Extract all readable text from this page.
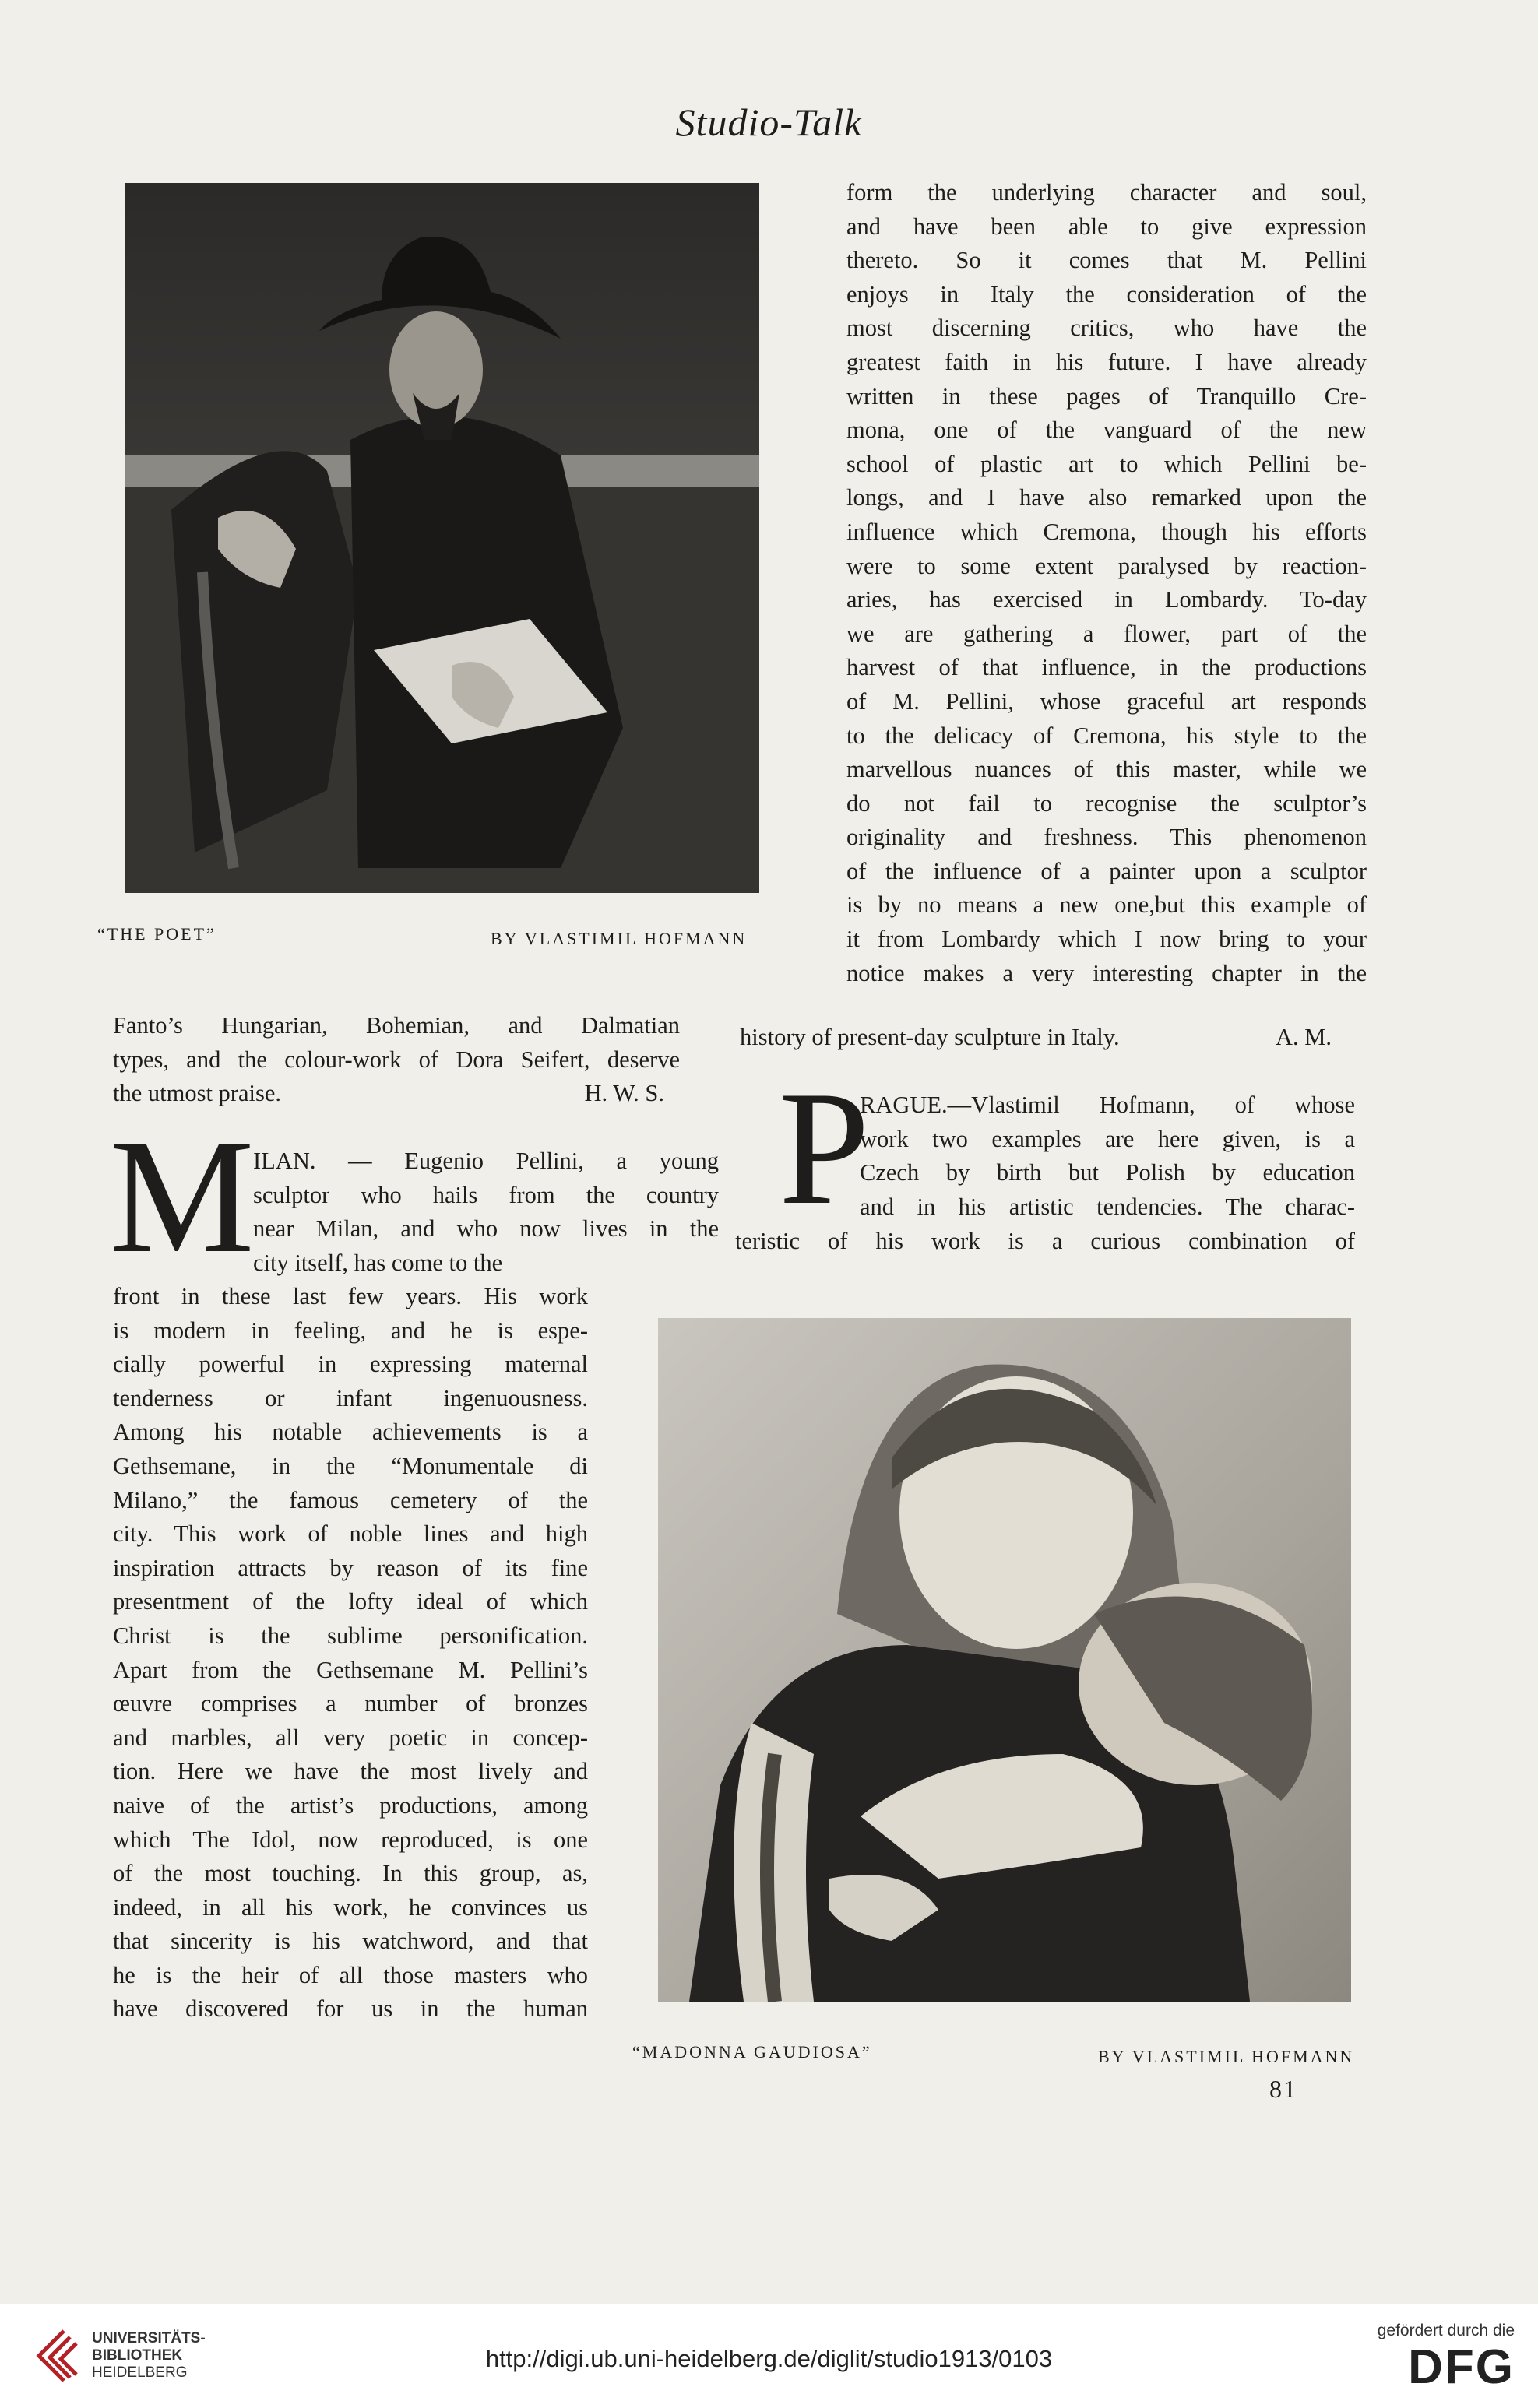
Studio-Talk
“THE POET”	BY VLASTIMIL HOFMANN

form the underlying character and soul,
and have been able to give expression
thereto. So it comes that M. Pellini
enjoys in Italy the consideration of the
most discerning critics, who have the
greatest faith in his future. I have already
written in these pages of Tranquillo Cre-
mona, one of the vanguard of the new
school of plastic art to which Pellini be-
longs, and I have also remarked upon the
influence which Cremona, though his efforts
were to some extent paralysed by reaction-
aries, has exercised in Lombardy. To-day
we are gathering a flower, part of the
harvest of that influence, in the productions
of M. Pellini, whose graceful art responds
to the delicacy of Cremona, his style to the
marvellous nuances of this master, while we
do not fail to recognise the sculptor’s
originality and freshness. This phenomenon
of the influence of a painter upon a sculptor
is by no means a new one,but this example of
it from Lombardy which I now bring to your
notice makes a very interesting chapter in the

history of present-day sculpture in Italy.	A. M.
Fanto’s Hungarian, Bohemian, and Dalmatian
types, and the colour-work of Dora Seifert, deserve
the utmost praise.	H. W. S.
M
ILAN. — Eugenio Pellini, a young
sculptor who hails from the country
near Milan, and who now lives in the
city itself, has come to the
front in these last few years. His work
is modern in feeling, and he is espe-
cially powerful in expressing maternal
tenderness or infant ingenuousness.
Among his notable achievements is a
Gethsemane, in the “Monumentale di
Milano,” the famous cemetery of the
city. This work of noble lines and high
inspiration attracts by reason of its fine
presentment of the lofty ideal of which
Christ is the sublime personification.
Apart from the Gethsemane M. Pellini’s
œuvre comprises a number of bronzes
and marbles, all very poetic in concep-
tion. Here we have the most lively and
naive of the artist’s productions, among
which The Idol, now reproduced, is one
of the most touching. In this group, as,
indeed, in all his work, he convinces us
that sincerity is his watchword, and that
he is the heir of all those masters who
have discovered for us in the human
P
RAGUE.—Vlastimil Hofmann, of whose
work two examples are here given, is a
Czech by birth but Polish by education
and in his artistic tendencies. The charac-
teristic of his work is a curious combination of
“MADONNA GAUDIOSA”	BY VLASTIMIL HOFMANN
81
UNIVERSITÄTS-
BIBLIOTHEK
HEIDELBERG
http://digi.ub.uni-heidelberg.de/diglit/studio1913/0103
gefördert durch die
DFG
